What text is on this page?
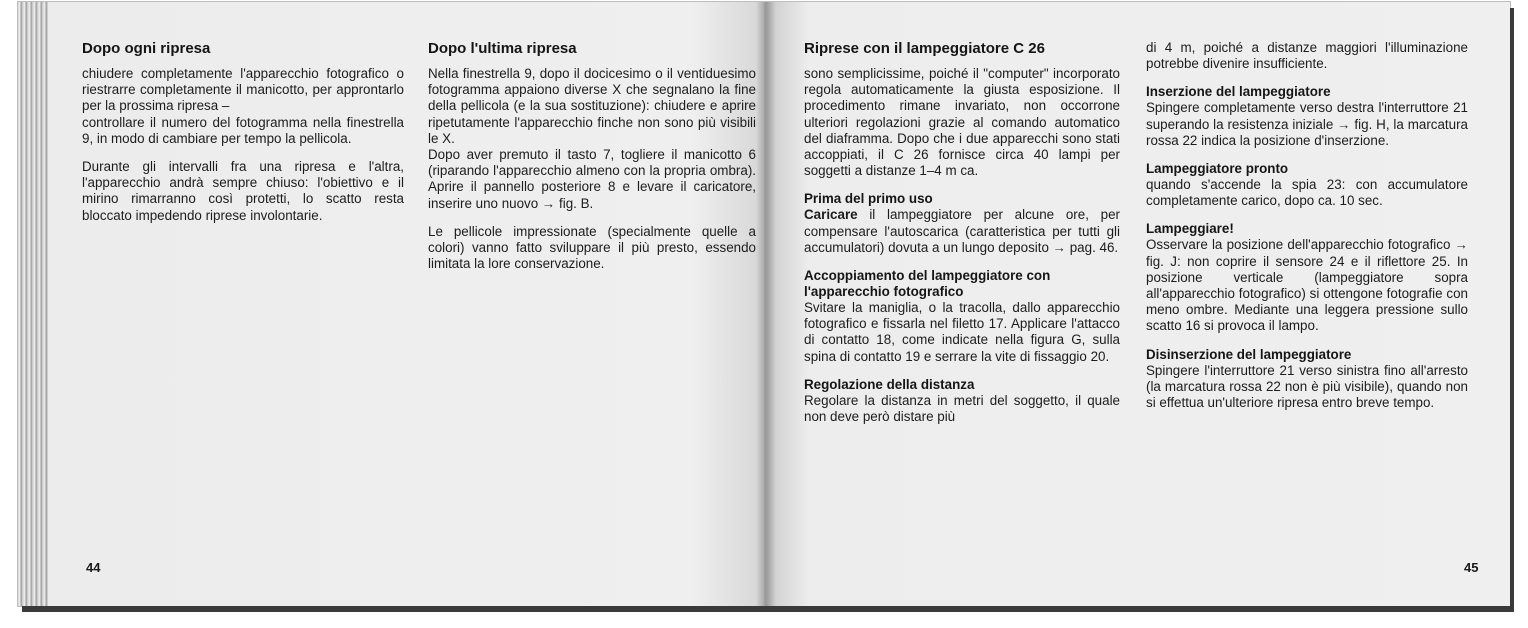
Dopo ogni ripresa

chiudere completamente l'apparecchio fotografico o riestrarre completamente il manicotto, per approntarlo per la prossima ripresa –

controllare il numero del fotogramma nella finestrella 9, in modo di cambiare per tempo la pellicola.

Durante gli intervalli fra una ripresa e l'altra, l'apparecchio andrà sempre chiuso: l'obiettivo e il mirino rimarranno così protetti, lo scatto resta bloccato impedendo riprese involontarie.

Dopo l'ultima ripresa

Nella finestrella 9, dopo il docicesimo o il ventiduesimo fotogramma appaiono diverse X che segnalano la fine della pellicola (e la sua sostituzione): chiudere e aprire ripetutamente l'apparecchio finche non sono più visibili le X.

Dopo aver premuto il tasto 7, togliere il manicotto 6 (riparando l'apparecchio almeno con la propria ombra). Aprire il pannello posteriore 8 e levare il caricatore, inserire uno nuovo → fig. B.

Le pellicole impressionate (specialmente quelle a colori) vanno fatto sviluppare il più presto, essendo limitata la lore conservazione.

44
Riprese con il lampeggiatore C 26

sono semplicissime, poiché il "computer" incorporato regola automaticamente la giusta esposizione. Il procedimento rimane invariato, non occorrone ulteriori regolazioni grazie al comando automatico del diaframma. Dopo che i due apparecchi sono stati accoppiati, il C 26 fornisce circa 40 lampi per soggetti a distanze 1–4 m ca.

Prima del primo uso

Caricare il lampeggiatore per alcune ore, per compensare l'autoscarica (caratteristica per tutti gli accumulatori) dovuta a un lungo deposito → pag. 46.

Accoppiamento del lampeggiatore con l'apparecchio fotografico

Svitare la maniglia, o la tracolla, dallo apparecchio fotografico e fissarla nel filetto 17. Applicare l'attacco di contatto 18, come indicate nella figura G, sulla spina di contatto 19 e serrare la vite di fissaggio 20.

Regolazione della distanza

Regolare la distanza in metri del soggetto, il quale non deve però distare più

di 4 m, poiché a distanze maggiori l'illuminazione potrebbe divenire insufficiente.

Inserzione del lampeggiatore

Spingere completamente verso destra l'interruttore 21 superando la resistenza iniziale → fig. H, la marcatura rossa 22 indica la posizione d'inserzione.

Lampeggiatore pronto

quando s'accende la spia 23: con accumulatore completamente carico, dopo ca. 10 sec.

Lampeggiare!

Osservare la posizione dell'apparecchio fotografico → fig. J: non coprire il sensore 24 e il riflettore 25. In posizione verticale (lampeggiatore sopra all'apparecchio fotografico) si ottengone fotografie con meno ombre. Mediante una leggera pressione sullo scatto 16 si provoca il lampo.

Disinserzione del lampeggiatore

Spingere l'interruttore 21 verso sinistra fino all'arresto (la marcatura rossa 22 non è più visibile), quando non si effettua un'ulteriore ripresa entro breve tempo.

45
